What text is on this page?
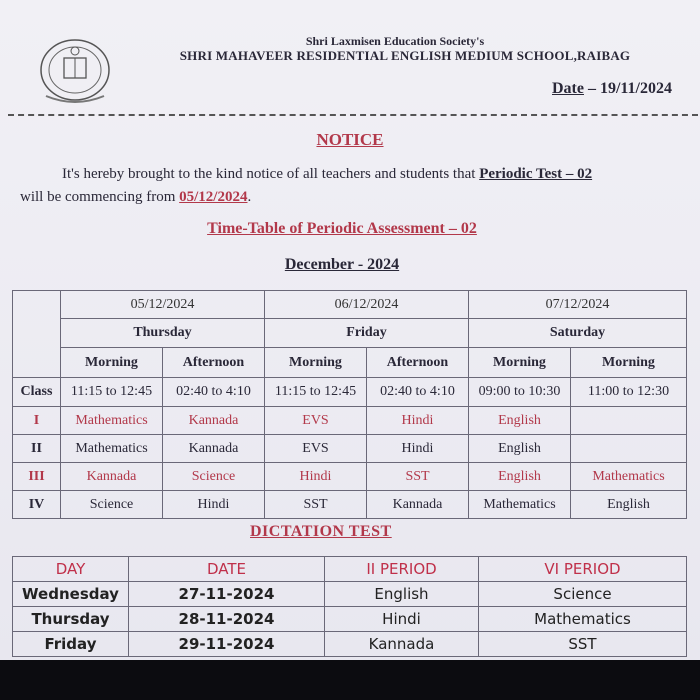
Shri Laxmisen Education Society's
SHRI MAHAVEER RESIDENTIAL ENGLISH MEDIUM SCHOOL,RAIBAG
Date – 19/11/2024
NOTICE
It's hereby brought to the kind notice of all teachers and students that Periodic Test – 02
will be commencing from 05/12/2024.
Time-Table of Periodic Assessment – 02
December - 2024
	05/12/2024		06/12/2024		07/12/2024	
	Thursday		Friday		Saturday	
	Morning	Afternoon	Morning	Afternoon	Morning	Morning
Class	11:15 to 12:45	02:40 to 4:10	11:15 to 12:45	02:40 to 4:10	09:00 to 10:30	11:00 to 12:30
I	Mathematics	Kannada	EVS	Hindi	English	
II	Mathematics	Kannada	EVS	Hindi	English	
III	Kannada	Science	Hindi	SST	English	Mathematics
IV	Science	Hindi	SST	Kannada	Mathematics	English
DICTATION TEST
DAY	DATE	II PERIOD	VI PERIOD
Wednesday	27-11-2024	English	Science
Thursday	28-11-2024	Hindi	Mathematics
Friday	29-11-2024	Kannada	SST
